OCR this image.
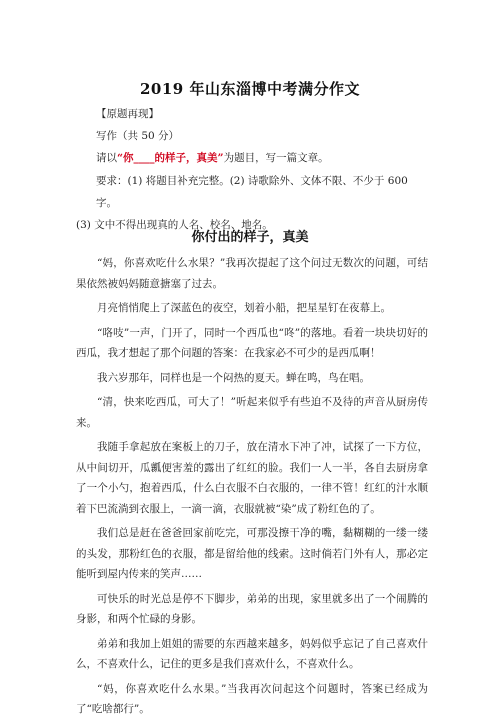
2019 年山东淄博中考满分作文
【原题再现】
写作（共 50 分）
请以“你____的样子，真美”为题目，写一篇文章。
要求：(1) 将题目补充完整。(2) 诗歌除外、文体不限、不少于 600 字。
(3) 文中不得出现真的人名、校名、地名。
你付出的样子，真美

“妈，你喜欢吃什么水果？”我再次提起了这个问过无数次的问题，可结果依然被妈妈随意搪塞了过去。

月亮悄悄爬上了深蓝色的夜空，划着小船，把星星钉在夜幕上。

“咯吱”一声，门开了，同时一个西瓜也“咚”的落地。看着一块块切好的西瓜，我才想起了那个问题的答案：在我家必不可少的是西瓜啊！

我六岁那年，同样也是一个闷热的夏天。蝉在鸣，鸟在唱。

“清，快来吃西瓜，可大了！”听起来似乎有些迫不及待的声音从厨房传来。

我随手拿起放在案板上的刀子，放在清水下冲了冲，试探了一下方位，从中间切开，瓜瓤便害羞的露出了红红的脸。我们一人一半，各自去厨房拿了一个小勺，抱着西瓜，什么白衣服不白衣服的，一律不管！红红的汁水顺着下巴流淌到衣服上，一滴一滴，衣服就被“染”成了粉红色的了。

我们总是赶在爸爸回家前吃完，可那没擦干净的嘴，黏糊糊的一缕一缕的头发，那粉红色的衣服，都是留给他的线索。这时倘若门外有人，那必定能听到屋内传来的笑声……

可快乐的时光总是停不下脚步，弟弟的出现，家里就多出了一个闹腾的身影，和两个忙碌的身影。

弟弟和我加上姐姐的需要的东西越来越多，妈妈似乎忘记了自己喜欢什么，不喜欢什么，记住的更多是我们喜欢什么，不喜欢什么。

“妈，你喜欢吃什么水果。”当我再次问起这个问题时，答案已经成为了“吃啥都行”。
